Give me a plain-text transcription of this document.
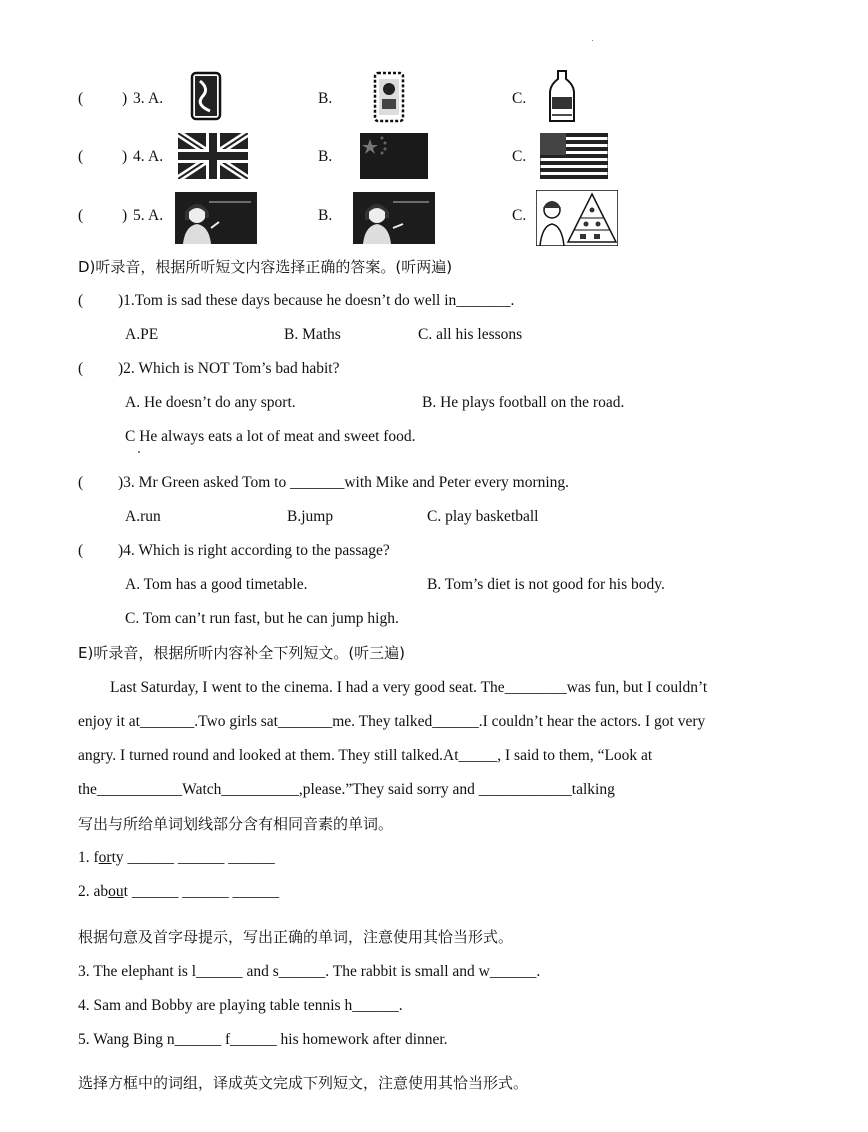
(	) 3. A.	B.	C.
(	) 4. A.	B.	C.
(	) 5. A.	B.	C.
D)听录音，根据所听短文内容选择正确的答案。(听两遍)
( )1.Tom is sad these days because he doesn’t do well in_______.
A.PE	B. Maths	C. all his lessons
( )2. Which is NOT Tom’s bad habit?
A. He doesn’t do any sport.	B. He plays football on the road.
C He always eats a lot of meat and sweet food.
( )3. Mr Green asked Tom to _______with Mike and Peter every morning.
A.run	B.jump	C. play basketball
( )4. Which is right according to the passage?
A. Tom has a good timetable.	B. Tom’s diet is not good for his body.
C. Tom can’t run fast, but he can jump high.
E)听录音，根据所听内容补全下列短文。(听三遍)
Last Saturday, I went to the cinema. I had a very good seat. The________was fun, but I couldn’t
enjoy it at_______.Two girls sat_______me. They talked______.I couldn’t hear the actors. I got very
angry. I turned round and looked at them. They still talked.At_____, I said to them, “Look at
the___________Watch__________,please.”They said sorry and ____________talking
写出与所给单词划线部分含有相同音素的单词。
1. forty ______ ______ ______
2. about ______ ______ ______
根据句意及首字母提示，写出正确的单词，注意使用其恰当形式。
3. The elephant is l______ and s______. The rabbit is small and w______.
4. Sam and Bobby are playing table tennis h______.
5. Wang Bing n______ f______ his homework after dinner.
选择方框中的词组，译成英文完成下列短文，注意使用其恰当形式。
